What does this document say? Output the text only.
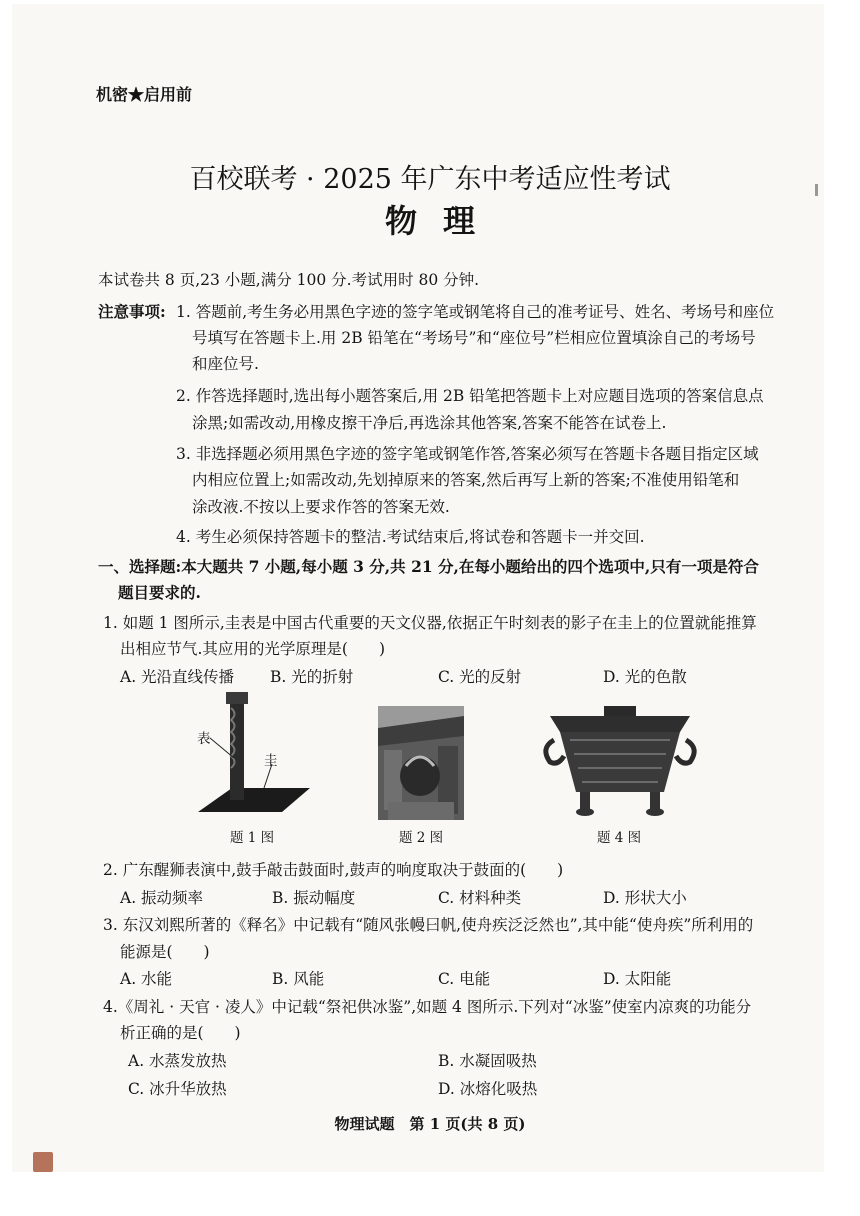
机密★启用前
百校联考 · 2025 年广东中考适应性考试
物理
本试卷共 8 页,23 小题,满分 100 分.考试用时 80 分钟.
注意事项: 1. 答题前,考生务必用黑色字迹的签字笔或钢笔将自己的准考证号、姓名、考场号和座位
号填写在答题卡上.用 2B 铅笔在“考场号”和“座位号”栏相应位置填涂自己的考场号
和座位号.
2. 作答选择题时,选出每小题答案后,用 2B 铅笔把答题卡上对应题目选项的答案信息点
涂黑;如需改动,用橡皮擦干净后,再选涂其他答案,答案不能答在试卷上.
3. 非选择题必须用黑色字迹的签字笔或钢笔作答,答案必须写在答题卡各题目指定区域
内相应位置上;如需改动,先划掉原来的答案,然后再写上新的答案;不准使用铅笔和
涂改液.不按以上要求作答的答案无效.
4. 考生必须保持答题卡的整洁.考试结束后,将试卷和答题卡一并交回.
一、选择题:本大题共 7 小题,每小题 3 分,共 21 分,在每小题给出的四个选项中,只有一项是符合
题目要求的.
1. 如题 1 图所示,圭表是中国古代重要的天文仪器,依据正午时刻表的影子在圭上的位置就能推算
出相应节气.其应用的光学原理是(　　)
A. 光沿直线传播 B. 光的折射	C. 光的反射	D. 光的色散
表
圭
题 1 图	题 2 图	题 4 图
2. 广东醒狮表演中,鼓手敲击鼓面时,鼓声的响度取决于鼓面的(　　)
A. 振动频率	B. 振动幅度	C. 材料种类	D. 形状大小
3. 东汉刘熙所著的《释名》中记载有“随风张幔曰帆,使舟疾泛泛然也”,其中能“使舟疾”所利用的
能源是(　　)
A. 水能	B. 风能	C. 电能	D. 太阳能
4.《周礼 · 天官 · 凌人》中记载“祭祀供冰鉴”,如题 4 图所示.下列对“冰鉴”使室内凉爽的功能分
析正确的是(　　)
A. 水蒸发放热	B. 水凝固吸热
C. 冰升华放热	D. 冰熔化吸热
物理试题　第 1 页(共 8 页)
